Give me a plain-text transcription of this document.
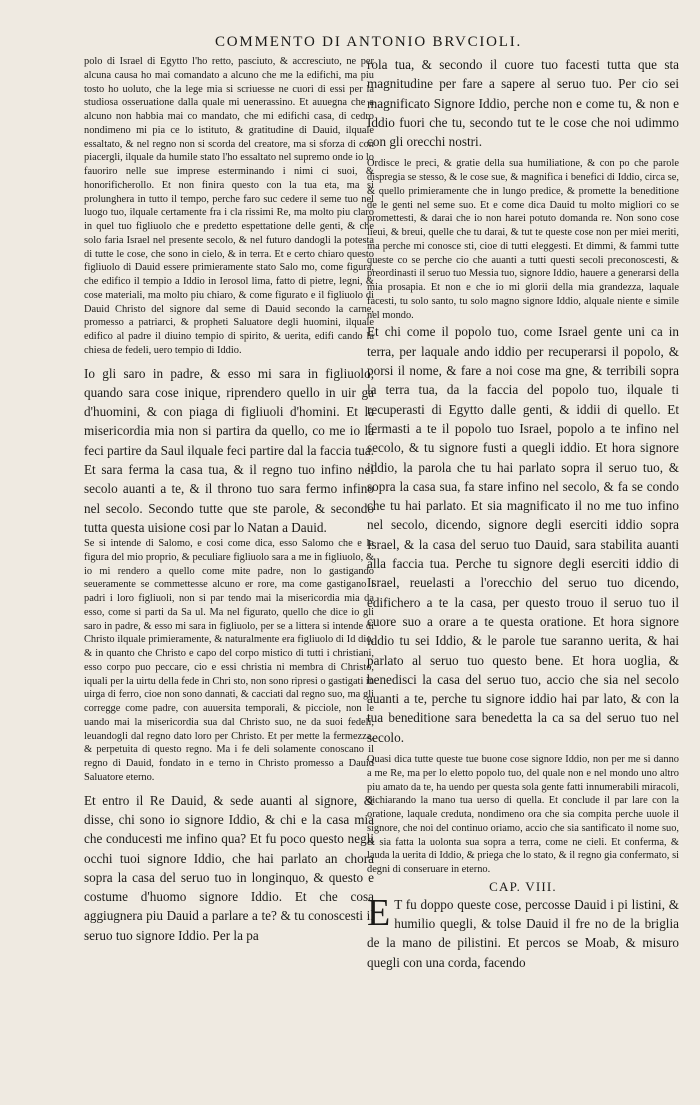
COMMENTO DI ANTONIO BRVCIOLI.

polo di Israel di Egytto l'ho retto, pasciuto, & accresciuto, ne per alcuna causa ho mai comandato a alcuno che me la edifichi, ma piu tosto ho uoluto, che la lege mia si scriuesse ne cuori di essi per la studiosa osseruatione dalla quale mi uenerassino. Et auuegna che a alcuno non habbia mai co mandato, che mi edifichi casa, di cedro nondimeno mi pia ce lo istituto, & gratitudine di Dauid, ilquale essaltato, & nel regno non si scorda del creatore, ma si sforza di con piacergli, ilquale da humile stato l'ho essaltato nel supremo onde io lo fauoriro nelle sue imprese esterminando i nimi ci suoi, & honorificherollo. Et non finira questo con la tua eta, ma si prolunghera in tutto il tempo, perche faro suc cedere il seme tuo nel luogo tuo, ilquale certamente fra i cla rissimi Re, ma molto piu claro in quel tuo figliuolo che e predetto espettatione delle genti, & che solo faria Israel nel presente secolo, & nel futuro dandogli la potesta di tutte le cose, che sono in cielo, & in terra. Et e certo chiaro questo figliuolo di Dauid essere primieramente stato Salo mo, come figura, che edifico il tempio a Iddio in Ierosol lima, fatto di pietre, legni, & cose materiali, ma molto piu chiaro, & come figurato e il figliuolo di Dauid Christo del signore dal seme di Dauid secondo la carne, promesso a patriarci, & propheti Saluatore degli huomini, ilquale edifico al padre il diuino tempio di spirito, & uerita, edifi cando la chiesa de fedeli, uero tempio di Iddio.

Io gli saro in padre, & esso mi sara in figliuolo, quando sara cose inique, riprendero quello in uir ga d'huomini, & con piaga di figliuoli d'homini. Et la misericordia mia non si partira da quello, co me io la feci partire da Saul ilquale feci partire dal la faccia tua. Et sara ferma la casa tua, & il regno tuo infino nel secolo auanti a te, & il throno tuo sara fermo infino nel secolo. Secondo tutte que ste parole, & secondo tutta questa uisione cosi par lo Natan a Dauid.

Se si intende di Salomo, e cosi come dica, esso Salomo che e la figura del mio proprio, & peculiare figliuolo sara a me in figliuolo, & io mi rendero a quello come mite padre, non lo gastigando seueramente se commettesse alcuno er rore, ma come gastigano i padri i loro figliuoli, non si par tendo mai la misericordia mia da esso, come si parti da Sa ul. Ma nel figurato, quello che dice io gli saro in padre, & esso mi sara in figliuolo, per se a littera si intende di Christo ilquale primieramente, & naturalmente era figliuolo di Id dio, & in quanto che Christo e capo del corpo mistico di tutti i christiani, esso corpo puo peccare, cio e essi christia ni membra di Christo, iquali per la uirtu della fede in Chri sto, non sono ripresi o gastigati in uirga di ferro, cioe non sono dannati, & cacciati dal regno suo, ma gli corregge come padre, con auuersita temporali, & picciole, non le uando mai la misericordia sua dal Christo suo, ne da suoi fedeli, leuandogli dal regno dato loro per Christo. Et per mette la fermezza, & perpetuita di questo regno. Ma i fe deli solamente conoscano il regno di Dauid, fondato in e terno in Christo promesso a Dauid Saluatore eterno.

Et entro il Re Dauid, & sede auanti al signore, & disse, chi sono io signore Iddio, & chi e la casa mia che conducesti me infino qua? Et fu poco questo negli occhi tuoi signore Iddio, che hai parlato an chora sopra la casa del seruo tuo in longinquo, & questo e costume d'huomo signore Iddio. Et che cosa aggiugnera piu Dauid a parlare a te? & tu conoscesti il seruo tuo signore Iddio. Per la pa

rola tua, & secondo il cuore tuo facesti tutta que sta magnitudine per fare a sapere al seruo tuo. Per cio sei magnificato Signore Iddio, perche non e come tu, & non e Iddio fuori che tu, secondo tut te le cose che noi udimmo con gli orecchi nostri.

Ordisce le preci, & gratie della sua humiliatione, & con po che parole dispregia se stesso, & le cose sue, & magnifica i benefici di Iddio, circa se, & quello primieramente che in lungo predice, & promette la beneditione de le genti nel seme suo. Et e come dica Dauid tu molto migliori co se promettesti, & darai che io non harei potuto domanda re. Non sono cose lieui, & breui, quelle che tu darai, & tut te queste cose non per miei meriti, ma perche mi conosce sti, cioe di tutti eleggesti. Et dimmi, & fammi tutte queste co se perche cio che auanti a tutti questi secoli preconoscesti, & preordinasti il seruo tuo Messia tuo, signore Iddio, hauere a generarsi della mia prosapia. Et non e che io mi glorii della mia grandezza, laquale facesti, tu solo santo, tu solo magno signore Iddio, alquale niente e simile nel mondo.

Et chi come il popolo tuo, come Israel gente uni ca in terra, per laquale ando iddio per recuperarsi il popolo, & porsi il nome, & fare a noi cose ma gne, & terribili sopra la terra tua, da la faccia del popolo tuo, ilquale ti recuperasti di Egytto dalle genti, & iddii di quello. Et fermasti a te il popolo tuo Israel, popolo a te infino nel secolo, & tu signore fusti a quegli iddio. Et hora signore iddio, la parola che tu hai parlato sopra il seruo tuo, & sopra la casa sua, fa stare infino nel secolo, & fa se condo che tu hai parlato. Et sia magnificato il no me tuo infino nel secolo, dicendo, signore degli eserciti iddio sopra Israel, & la casa del seruo tuo Dauid, sara stabilita auanti alla faccia tua. Perche tu signore degli eserciti iddio di Israel, reuelasti a l'orecchio del seruo tuo dicendo, edifichero a te la casa, per questo trouo il seruo tuo il cuore suo a orare a te questa oratione. Et hora signore iddio tu sei Iddio, & le parole tue saranno uerita, & hai parlato al seruo tuo questo bene. Et hora uoglia, & benedisci la casa del seruo tuo, accio che sia nel secolo auanti a te, perche tu signore iddio hai par lato, & con la tua beneditione sara benedetta la ca sa del seruo tuo nel secolo.

Quasi dica tutte queste tue buone cose signore Iddio, non per me si danno a me Re, ma per lo eletto popolo tuo, del quale non e nel mondo uno altro piu amato da te, ha uendo per questa sola gente fatti innumerabili miracoli, dichiarando la mano tua uerso di quella. Et conclude il par lare con la oratione, laquale creduta, nondimeno ora che sia compita perche uuole il signore, che noi del continuo oriamo, accio che sia santificato il nome suo, & sia fatta la uolonta sua sopra a terra, come ne cieli. Et conferma, & lauda la uerita di Iddio, & priega che lo stato, & il regno gia confermato, si degni di conseruare in eterno.

CAP. VIII.

E T fu doppo queste cose, percosse Dauid i pi listini, & humilio quegli, & tolse Dauid il fre no de la briglia de la mano de pilistini. Et percos se Moab, & misuro quegli con una corda, facendo
